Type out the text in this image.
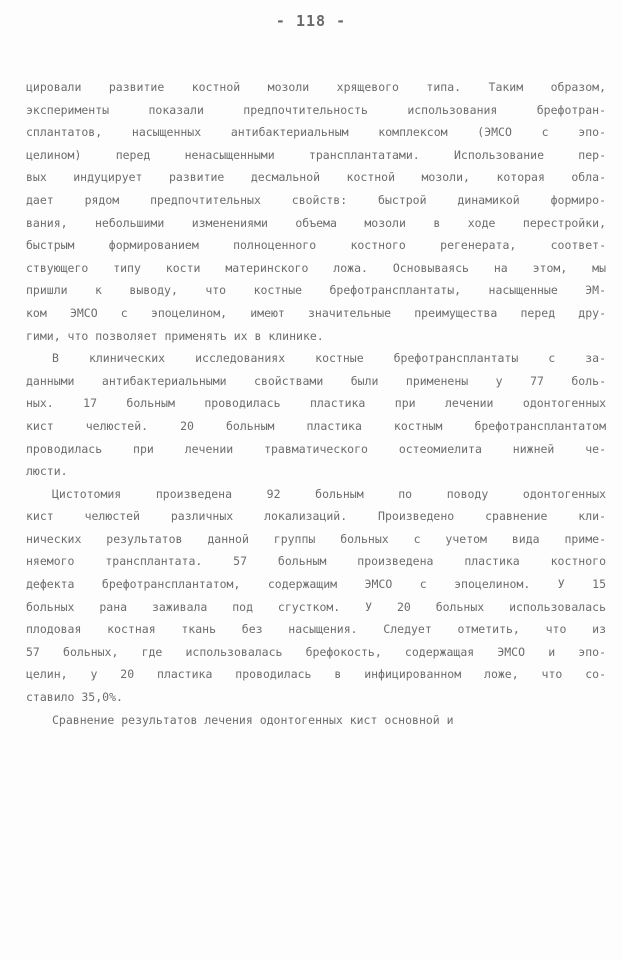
- 118 -
цировали развитие костной мозоли хрящевого типа. Таким образом,
эксперименты показали предпочтительность использования брефотран-
сплантатов, насыщенных антибактериальным комплексом (ЭМСО с эпо-
целином) перед ненасыщенными трансплантатами. Использование пер-
вых индуцирует развитие десмальной костной мозоли, которая обла-
дает рядом предпочтительных свойств: быстрой динамикой формиро-
вания, небольшими изменениями объема мозоли в ходе перестройки,
быстрым формированием полноценного костного регенерата, соответ-
ствующего типу кости материнского ложа. Основываясь на этом, мы
пришли к выводу, что костные брефотрансплантаты, насыщенные ЭМ-
ком ЭМСО с эпоцелином, имеют значительные преимущества перед дру-
гими, что позволяет применять их в клинике.
В клинических исследованиях костные брефотрансплантаты с за-
данными антибактериальными свойствами были применены у 77 боль-
ных. 17 больным проводилась пластика при лечении одонтогенных
кист челюстей. 20 больным пластика костным брефотрансплантатом
проводилась при лечении травматического остеомиелита нижней че-
люсти.
Цистотомия произведена 92 больным по поводу одонтогенных
кист челюстей различных локализаций. Произведено сравнение кли-
нических результатов данной группы больных с учетом вида приме-
няемого трансплантата. 57 больным произведена пластика костного
дефекта брефотрансплантатом, содержащим ЭМСО с эпоцелином. У 15
больных рана заживала под сгустком. У 20 больных использовалась
плодовая костная ткань без насыщения. Следует отметить, что из
57 больных, где использовалась брефокость, содержащая ЭМСО и эпо-
целин, у 20 пластика проводилась в инфицированном ложе, что со-
ставило 35,0%.
Сравнение результатов лечения одонтогенных кист основной и
